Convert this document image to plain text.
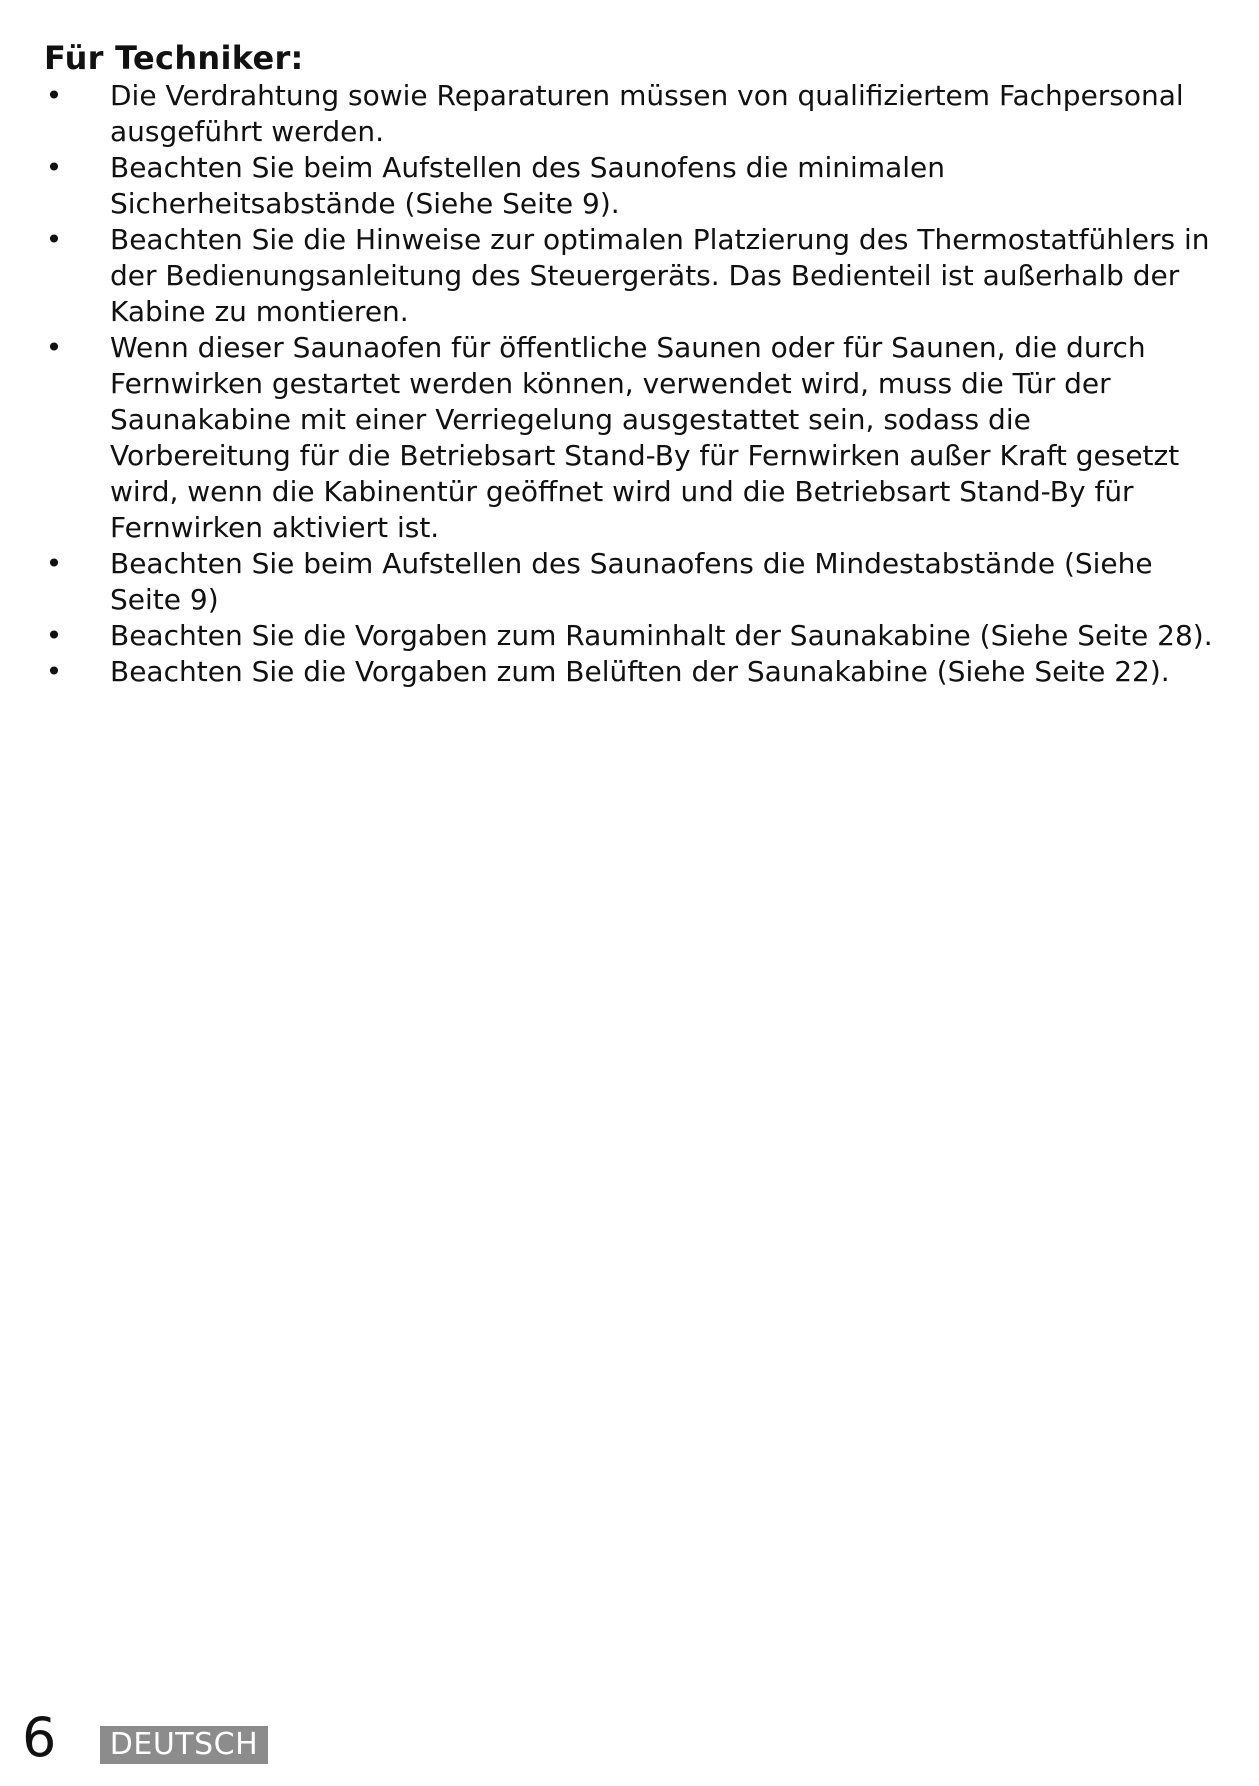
Für Techniker:
• Die Verdrahtung sowie Reparaturen müssen von qualifiziertem Fachpersonal ausgeführt werden.
• Beachten Sie beim Aufstellen des Saunofens die minimalen Sicherheitsabstände (Siehe Seite 9).
• Beachten Sie die Hinweise zur optimalen Platzierung des Thermostatfühlers in der Bedienungsanleitung des Steuergeräts. Das Bedienteil ist außerhalb der Kabine zu montieren.
• Wenn dieser Saunaofen für öffentliche Saunen oder für Saunen, die durch Fernwirken gestartet werden können, verwendet wird, muss die Tür der Saunakabine mit einer Verriegelung ausgestattet sein, sodass die Vorbereitung für die Betriebsart Stand-By für Fernwirken außer Kraft gesetzt wird, wenn die Kabinentür geöffnet wird und die Betriebsart Stand-By für Fernwirken aktiviert ist.
• Beachten Sie beim Aufstellen des Saunaofens die Mindestabstände (Siehe Seite 9)
• Beachten Sie die Vorgaben zum Rauminhalt der Saunakabine (Siehe Seite 28).
• Beachten Sie die Vorgaben zum Belüften der Saunakabine (Siehe Seite 22).
6	DEUTSCH
